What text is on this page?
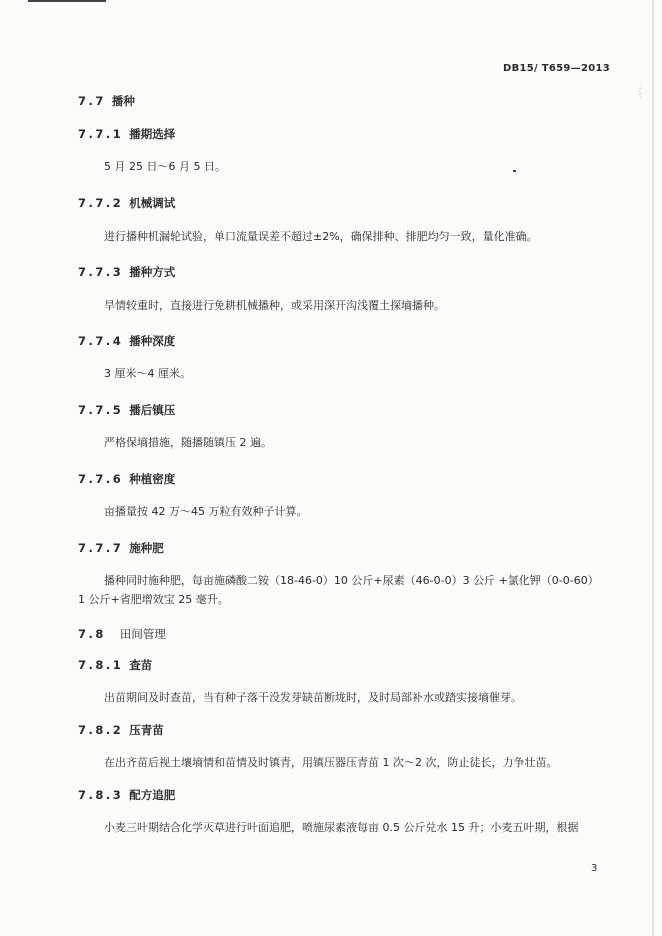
·:·.·:·
DB15/ T659—2013
7.7 播种
7.7.1 播期选择
5 月 25 日～6 月 5 日。
7.7.2 机械调试
进行播种机漏轮试验，单口流量误差不超过±2%，确保排种、排肥均匀一致，量化准确。
7.7.3 播种方式
旱情较重时，直接进行免耕机械播种，或采用深开沟浅覆土探墒播种。
7.7.4 播种深度
3 厘米～4 厘米。
7.7.5 播后镇压
严格保墒措施，随播随镇压 2 遍。
7.7.6 种植密度
亩播量按 42 万～45 万粒有效种子计算。
7.7.7 施种肥
播种同时施种肥，每亩施磷酸二铵（18-46-0）10 公斤+尿素（46-0-0）3 公斤 +氯化钾（0-0-60）
1 公斤+省肥增效宝 25 毫升。
7.8 田间管理
7.8.1 查苗
出苗期间及时查苗，当有种子落干没发芽缺苗断垅时，及时局部补水或踏实接墒催芽。
7.8.2 压青苗
在出齐苗后视土壤墒情和苗情及时镇青，用镇压器压青苗 1 次～2 次，防止徒长，力争壮苗。
7.8.3 配方追肥
小麦三叶期结合化学灭草进行叶面追肥，喷施尿素液每亩 0.5 公斤兑水 15 升；小麦五叶期，根据
3
